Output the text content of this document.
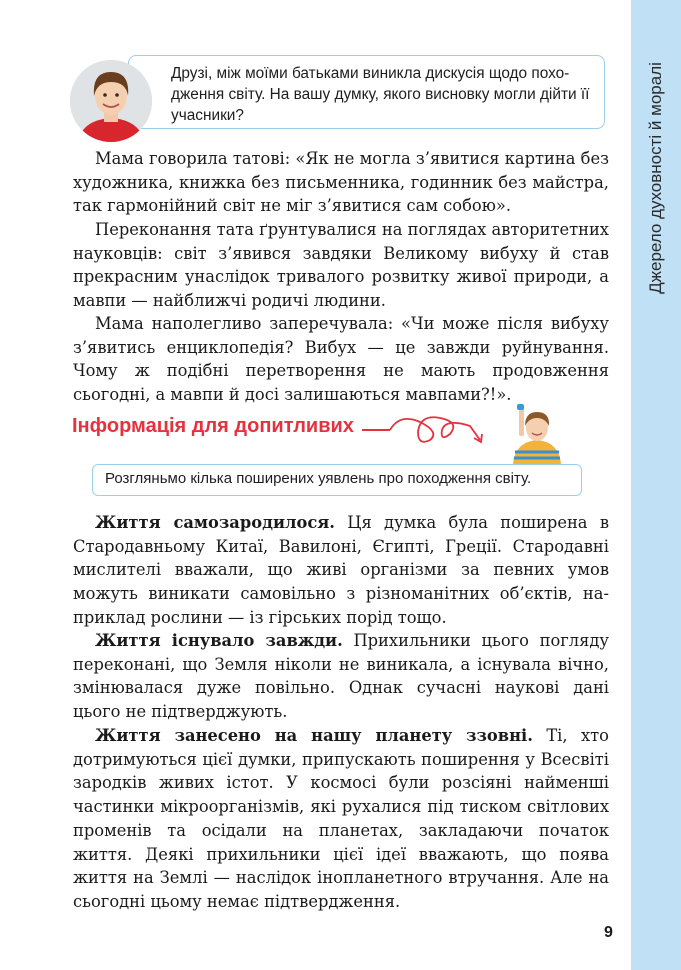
Джерело духовності й моралі
Друзі, між моїми батьками виникла дискусія щодо походження світу. На вашу думку, якого висновку могли дійти її учасники?

Мама говорила татові: «Як не могла з’явитися картина без художника, книжка без письменника, годинник без майстра, так гармонійний світ не міг з’явитися сам собою».

Переконання тата ґрунтувалися на поглядах авторитетних науковців: світ з’явився завдяки Великому вибуху й став прекрасним унаслідок тривалого розвитку живої природи, а мавпи — найближчі родичі людини.

Мама наполегливо заперечувала: «Чи може після вибуху з’явитись енциклопедія? Вибух — це завжди руйнування. Чому ж подібні перетворення не мають продовження сьогодні, а мавпи й досі залишаються мавпами?!».

Інформація для допитливих
Розгляньмо кілька поширених уявлень про походження світу.

Життя самозародилося. Ця думка була поширена в Стародавньому Китаї, Вавилоні, Єгипті, Греції. Стародавні мислителі вважали, що живі організми за певних умов можуть виникати самовільно з різноманітних об’єктів, наприклад рослини — із гірських порід тощо.

Життя існувало завжди. Прихильники цього погляду переконані, що Земля ніколи не виникала, а існувала вічно, змінювалася дуже повільно. Однак сучасні наукові дані цього не підтверджують.

Життя занесено на нашу планету ззовні. Ті, хто дотримуються цієї думки, припускають поширення у Всесвіті зародків живих істот. У космосі були розсіяні найменші частинки мікроорганізмів, які рухалися під тиском світлових променів та осідали на планетах, закладаючи початок життя. Деякі прихильники цієї ідеї вважають, що поява життя на Землі — наслідок інопланетного втручання. Але на сьогодні цьому немає підтвердження.

9
